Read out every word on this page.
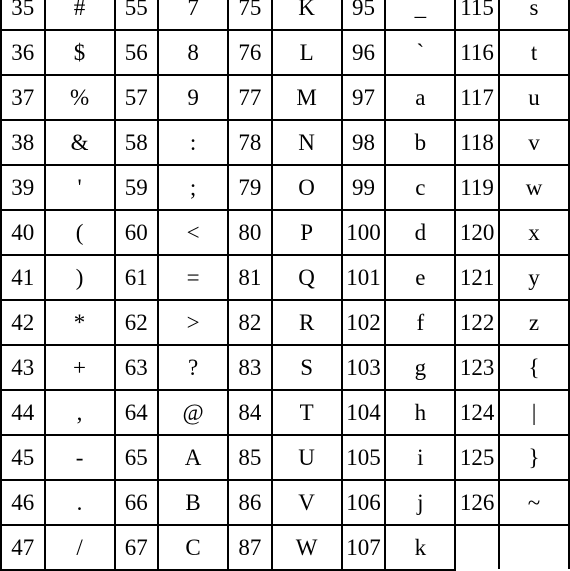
35	#	55	7	75	K	95	_	115	s
36	$	56	8	76	L	96	`	116	t
37	%	57	9	77	M	97	a	117	u
38	&	58	:	78	N	98	b	118	v
39	'	59	;	79	O	99	c	119	w
40	(	60	<	80	P	100	d	120	x
41	)	61	=	81	Q	101	e	121	y
42	*	62	>	82	R	102	f	122	z
43	+	63	?	83	S	103	g	123	{
44	,	64	@	84	T	104	h	124	|
45	-	65	A	85	U	105	i	125	}
46	.	66	B	86	V	106	j	126	~
47	/	67	C	87	W	107	k		
